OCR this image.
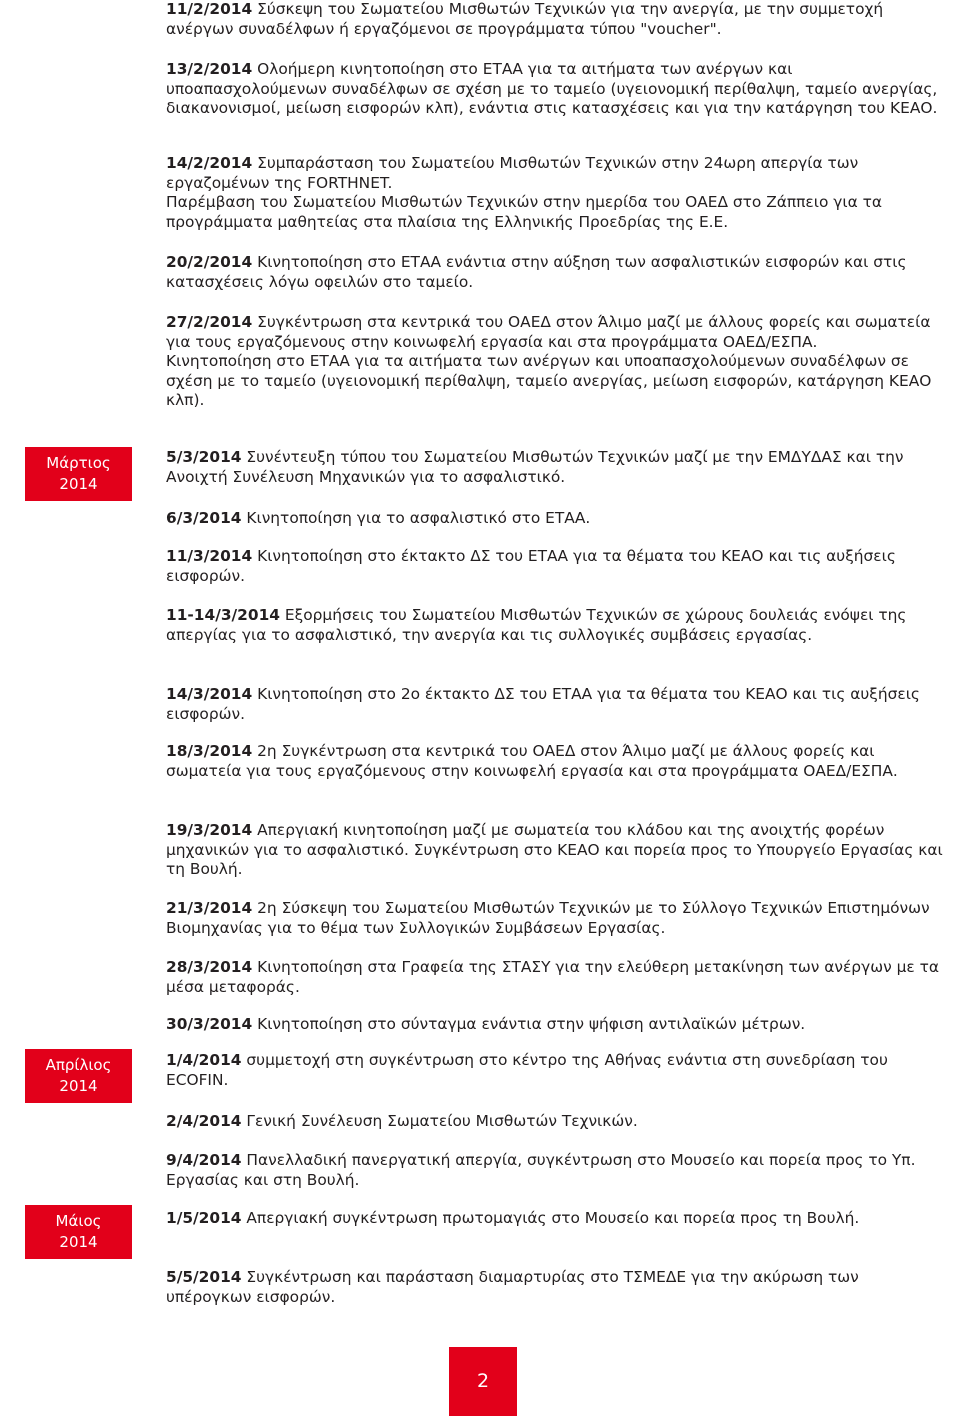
Μάρτιος
2014
Απρίλιος
2014
Μάιος
2014

11/2/2014 Σύσκεψη του Σωματείου Μισθωτών Τεχνικών για την ανεργία, με την συμμετοχή ανέργων συναδέλφων ή εργαζόμενοι σε προγράμματα τύπου "voucher".

13/2/2014 Ολοήμερη κινητοποίηση στο ΕΤΑΑ για τα αιτήματα των ανέργων και υποαπασχολούμενων συναδέλφων σε σχέση με το ταμείο (υγειονομική περίθαλψη, ταμείο ανεργίας, διακανονισμοί, μείωση εισφορών κλπ), ενάντια στις κατασχέσεις και για την κατάργηση του ΚΕΑΟ.

14/2/2014 Συμπαράσταση του Σωματείου Μισθωτών Τεχνικών στην 24ωρη απεργία των εργαζομένων της FORTHNET.

Παρέμβαση του Σωματείου Μισθωτών Τεχνικών στην ημερίδα του ΟΑΕΔ στο Ζάππειο για τα προγράμματα μαθητείας στα πλαίσια της Ελληνικής Προεδρίας της Ε.Ε.

20/2/2014 Κινητοποίηση στο ΕΤΑΑ ενάντια στην αύξηση των ασφαλιστικών εισφορών και στις κατασχέσεις λόγω οφειλών στο ταμείο.

27/2/2014 Συγκέντρωση στα κεντρικά του ΟΑΕΔ στον Άλιμο μαζί με άλλους φορείς και σωματεία για τους εργαζόμενους στην κοινωφελή εργασία και στα προγράμματα ΟΑΕΔ/ΕΣΠΑ.

Κινητοποίηση στο ΕΤΑΑ για τα αιτήματα των ανέργων και υποαπασχολούμενων συναδέλφων σε σχέση με το ταμείο (υγειονομική περίθαλψη, ταμείο ανεργίας, μείωση εισφορών, κατάργηση ΚΕΑΟ κλπ).

5/3/2014 Συνέντευξη τύπου του Σωματείου Μισθωτών Τεχνικών μαζί με την ΕΜΔΥΔΑΣ και την Ανοιχτή Συνέλευση Μηχανικών για το ασφαλιστικό.

6/3/2014 Κινητοποίηση για το ασφαλιστικό στο ΕΤΑΑ.

11/3/2014 Κινητοποίηση στο έκτακτο ΔΣ του ΕΤΑΑ για τα θέματα του ΚΕΑΟ και τις αυξήσεις εισφορών.

11-14/3/2014 Εξορμήσεις του Σωματείου Μισθωτών Τεχνικών σε χώρους δουλειάς ενόψει της απεργίας για το ασφαλιστικό, την ανεργία και τις συλλογικές συμβάσεις εργασίας.

14/3/2014 Κινητοποίηση στο 2ο έκτακτο ΔΣ του ΕΤΑΑ για τα θέματα του ΚΕΑΟ και τις αυξήσεις εισφορών.

18/3/2014 2η Συγκέντρωση στα κεντρικά του ΟΑΕΔ στον Άλιμο μαζί με άλλους φορείς και σωματεία για τους εργαζόμενους στην κοινωφελή εργασία και στα προγράμματα ΟΑΕΔ/ΕΣΠΑ.

19/3/2014 Απεργιακή κινητοποίηση μαζί με σωματεία του κλάδου και της ανοιχτής φορέων μηχανικών για το ασφαλιστικό. Συγκέντρωση στο ΚΕΑΟ και πορεία προς το Υπουργείο Εργασίας και τη Βουλή.

21/3/2014 2η Σύσκεψη του Σωματείου Μισθωτών Τεχνικών με το Σύλλογο Τεχνικών Επιστημόνων Βιομηχανίας για το θέμα των Συλλογικών Συμβάσεων Εργασίας.

28/3/2014 Κινητοποίηση στα Γραφεία της ΣΤΑΣΥ για την ελεύθερη μετακίνηση των ανέργων με τα μέσα μεταφοράς.

30/3/2014 Κινητοποίηση στο σύνταγμα ενάντια στην ψήφιση αντιλαϊκών μέτρων.

1/4/2014 συμμετοχή στη συγκέντρωση στο κέντρο της Αθήνας ενάντια στη συνεδρίαση του ECOFIN.

2/4/2014 Γενική Συνέλευση Σωματείου Μισθωτών Τεχνικών.

9/4/2014 Πανελλαδική πανεργατική απεργία, συγκέντρωση στο Μουσείο και πορεία προς το Υπ. Εργασίας και στη Βουλή.

1/5/2014 Απεργιακή συγκέντρωση πρωτομαγιάς στο Μουσείο και πορεία προς τη Βουλή.

5/5/2014 Συγκέντρωση και παράσταση διαμαρτυρίας στο ΤΣΜΕΔΕ για την ακύρωση των υπέρογκων εισφορών.

2
